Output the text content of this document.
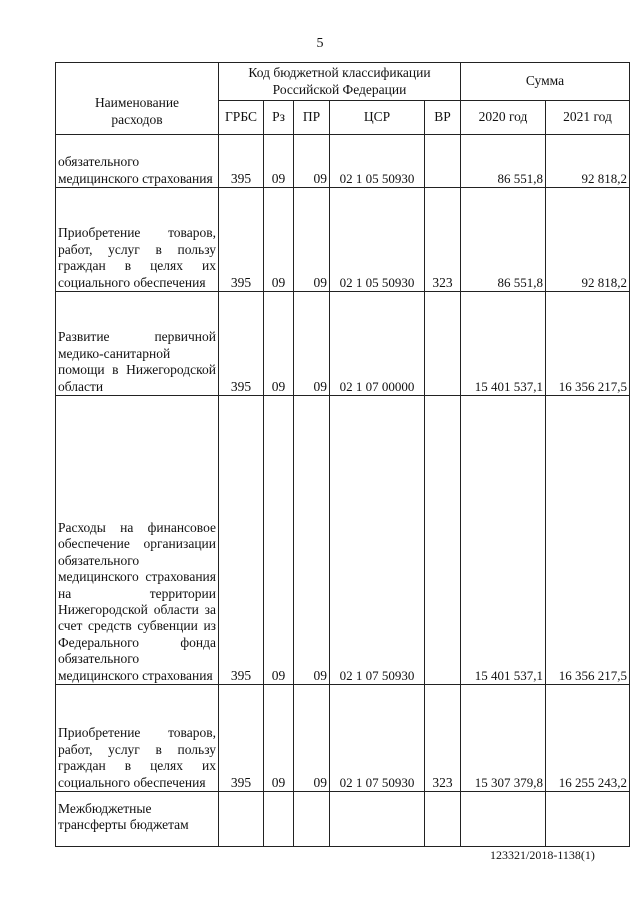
5
Наименование расходов	Код бюджетной классификации Российской Федерации					Сумма	
	ГРБС	Рз	ПР	ЦСР	ВР	2020 год	2021 год
обязательного медицинского страхования	395	09	09	02 1 05 50930		86 551,8	92 818,2
Приобретение товаров, работ, услуг в пользу граждан в целях их социального обеспечения	395	09	09	02 1 05 50930	323	86 551,8	92 818,2
Развитие первичной медико-санитарной помощи в Нижегородской области	395	09	09	02 1 07 00000		15 401 537,1	16 356 217,5
Расходы на финансовое обеспечение организации обязательного медицинского страхования на территории Нижегородской области за счет средств субвенции из Федерального фонда обязательного медицинского страхования	395	09	09	02 1 07 50930		15 401 537,1	16 356 217,5
Приобретение товаров, работ, услуг в пользу граждан в целях их социального обеспечения	395	09	09	02 1 07 50930	323	15 307 379,8	16 255 243,2
Межбюджетные трансферты бюджетам							
123321/2018-1138(1)
